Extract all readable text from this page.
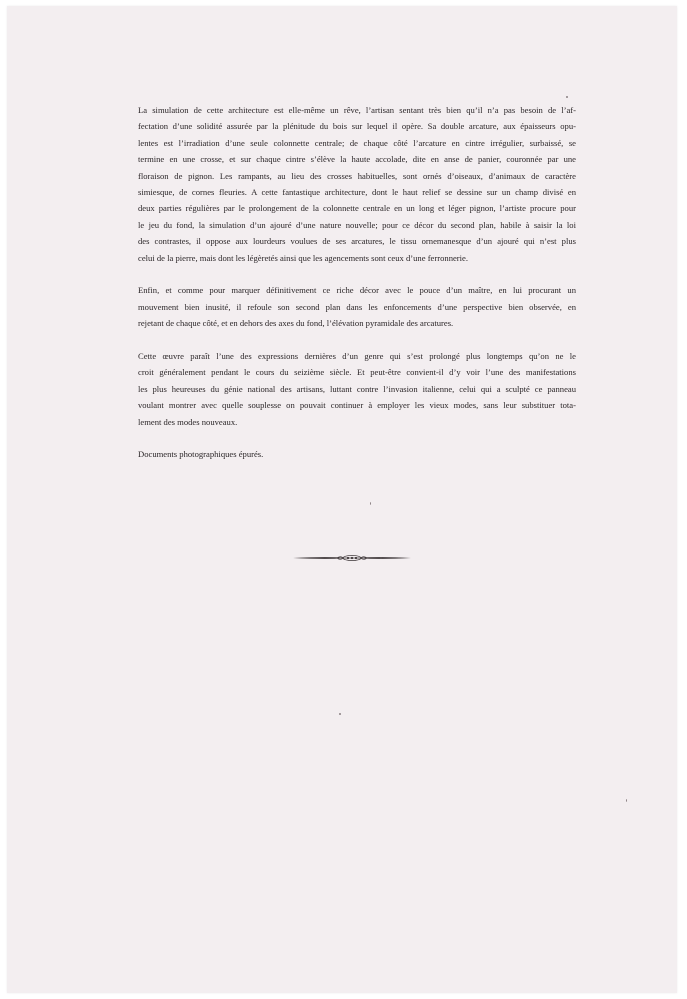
La simulation de cette architecture est elle-même un rêve, l’artisan sentant très bien qu’il n’a pas besoin de l’af-
fectation d’une solidité assurée par la plénitude du bois sur lequel il opère. Sa double arcature, aux épaisseurs opu-
lentes est l’irradiation d’une seule colonnette centrale; de chaque côté l’arcature en cintre irrégulier, surbaissé, se
termine en une crosse, et sur chaque cintre s’élève la haute accolade, dite en anse de panier, couronnée par une
floraison de pignon. Les rampants, au lieu des crosses habituelles, sont ornés d’oiseaux, d’animaux de caractère
simiesque, de cornes fleuries. A cette fantastique architecture, dont le haut relief se dessine sur un champ divisé en
deux parties régulières par le prolongement de la colonnette centrale en un long et léger pignon, l’artiste procure pour
le jeu du fond, la simulation d’un ajouré d’une nature nouvelle; pour ce décor du second plan, habile à saisir la loi
des contrastes, il oppose aux lourdeurs voulues de ses arcatures, le tissu ornemanesque d’un ajouré qui n’est plus
celui de la pierre, mais dont les légèretés ainsi que les agencements sont ceux d’une ferronnerie.

Enfin, et comme pour marquer définitivement ce riche décor avec le pouce d’un maître, en lui procurant un
mouvement bien inusité, il refoule son second plan dans les enfoncements d’une perspective bien observée, en
rejetant de chaque côté, et en dehors des axes du fond, l’élévation pyramidale des arcatures.

Cette œuvre paraît l’une des expressions dernières d’un genre qui s’est prolongé plus longtemps qu’on ne le
croit généralement pendant le cours du seizième siècle. Et peut-être convient-il d’y voir l’une des manifestations
les plus heureuses du génie national des artisans, luttant contre l’invasion italienne, celui qui a sculpté ce panneau
voulant montrer avec quelle souplesse on pouvait continuer à employer les vieux modes, sans leur substituer tota-
lement des modes nouveaux.

Documents photographiques épurés.
